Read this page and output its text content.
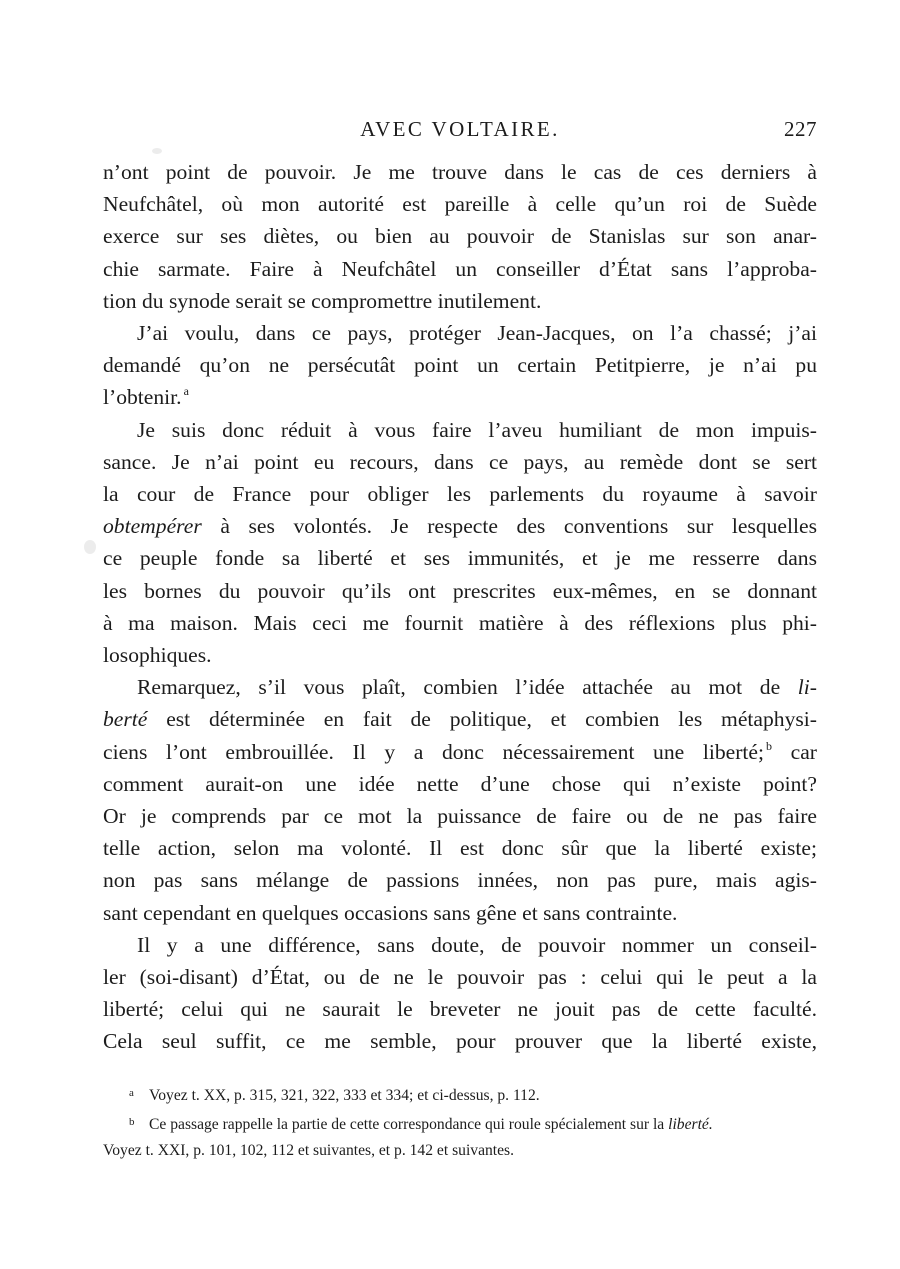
AVEC VOLTAIRE.	227

n’ont point de pouvoir. Je me trouve dans le cas de ces derniers à
Neufchâtel, où mon autorité est pareille à celle qu’un roi de Suède
exerce sur ses diètes, ou bien au pouvoir de Stanislas sur son anar-
chie sarmate. Faire à Neufchâtel un conseiller d’État sans l’approba-
tion du synode serait se compromettre inutilement.

J’ai voulu, dans ce pays, protéger Jean-Jacques, on l’a chassé; j’ai
demandé qu’on ne persécutât point un certain Petitpierre, je n’ai pu
l’obtenir. $^a$

Je suis donc réduit à vous faire l’aveu humiliant de mon impuis-
sance. Je n’ai point eu recours, dans ce pays, au remède dont se sert
la cour de France pour obliger les parlements du royaume à savoir
obtempérer à ses volontés. Je respecte des conventions sur lesquelles
ce peuple fonde sa liberté et ses immunités, et je me resserre dans
les bornes du pouvoir qu’ils ont prescrites eux-mêmes, en se donnant
à ma maison. Mais ceci me fournit matière à des réflexions plus phi-
losophiques.

Remarquez, s’il vous plaît, combien l’idée attachée au mot de li-
berté est déterminée en fait de politique, et combien les métaphysi-
ciens l’ont embrouillée. Il y a donc nécessairement une liberté; $^b$ car
comment aurait-on une idée nette d’une chose qui n’existe point?
Or je comprends par ce mot la puissance de faire ou de ne pas faire
telle action, selon ma volonté. Il est donc sûr que la liberté existe;
non pas sans mélange de passions innées, non pas pure, mais agis-
sant cependant en quelques occasions sans gêne et sans contrainte.

Il y a une différence, sans doute, de pouvoir nommer un conseil-
ler (soi-disant) d’État, ou de ne le pouvoir pas : celui qui le peut a la
liberté; celui qui ne saurait le breveter ne jouit pas de cette faculté.
Cela seul suffit, ce me semble, pour prouver que la liberté existe,

a Voyez t. XX, p. 315, 321, 322, 333 et 334; et ci-dessus, p. 112.
b Ce passage rappelle la partie de cette correspondance qui roule spécialement sur la liberté.
Voyez t. XXI, p. 101, 102, 112 et suivantes, et p. 142 et suivantes.
